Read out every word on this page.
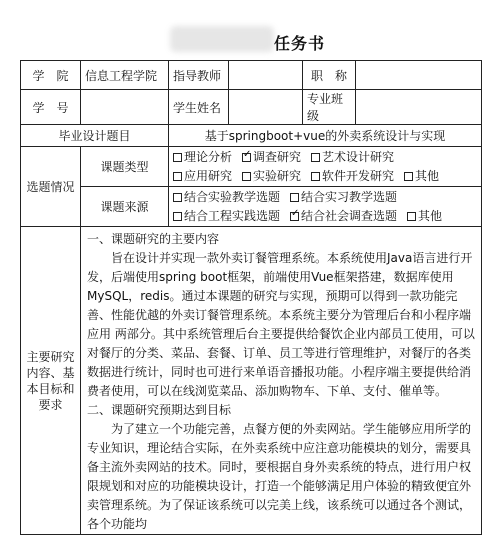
任务书
学　院	信息工程学院	指导教师		职　称	
学　号		学生姓名		专业班级	
毕业设计题目		基于springboot+vue的外卖系统设计与实现			
选题情况	课题类型	理论分析 ✓ 调查研究 艺术设计研究
应用研究 实验研究 软件开发研究 其他

	课题来源	结合实验教学选题 结合实习教学选题
结合工程实践选题 ✓ 结合社会调查选题 其他

主要研究内容、基本目标和要求	一、课题研究的主要内容

旨在设计并实现一款外卖订餐管理系统。本系统使用Java语言进行开发，后端使用spring boot框架，前端使用Vue框架搭建，数据库使用MySQL，redis。通过本课题的研究与实现，预期可以得到一款功能完善、性能优越的外卖订餐管理系统。本系统主要分为管理后台和小程序端应用 两部分。其中系统管理后台主要提供给餐饮企业内部员工使用，可以对餐厅的分类、菜品、套餐、订单、员工等进行管理维护，对餐厅的各类数据进行统计，同时也可进行来单语音播报功能。小程序端主要提供给消费者使用，可以在线浏览菜品、添加购物车、下单、支付、催单等。

二、课题研究预期达到目标

为了建立一个功能完善，点餐方便的外卖网站。学生能够应用所学的专业知识，理论结合实际，在外卖系统中应注意功能模块的划分，需要具备主流外卖网站的技术。同时，要根据自身外卖系统的特点，进行用户权限规划和对应的功能模块设计，打造一个能够满足用户体验的精致便宜外卖管理系统。为了保证该系统可以完美上线，该系统可以通过各个测试，各个功能均				
